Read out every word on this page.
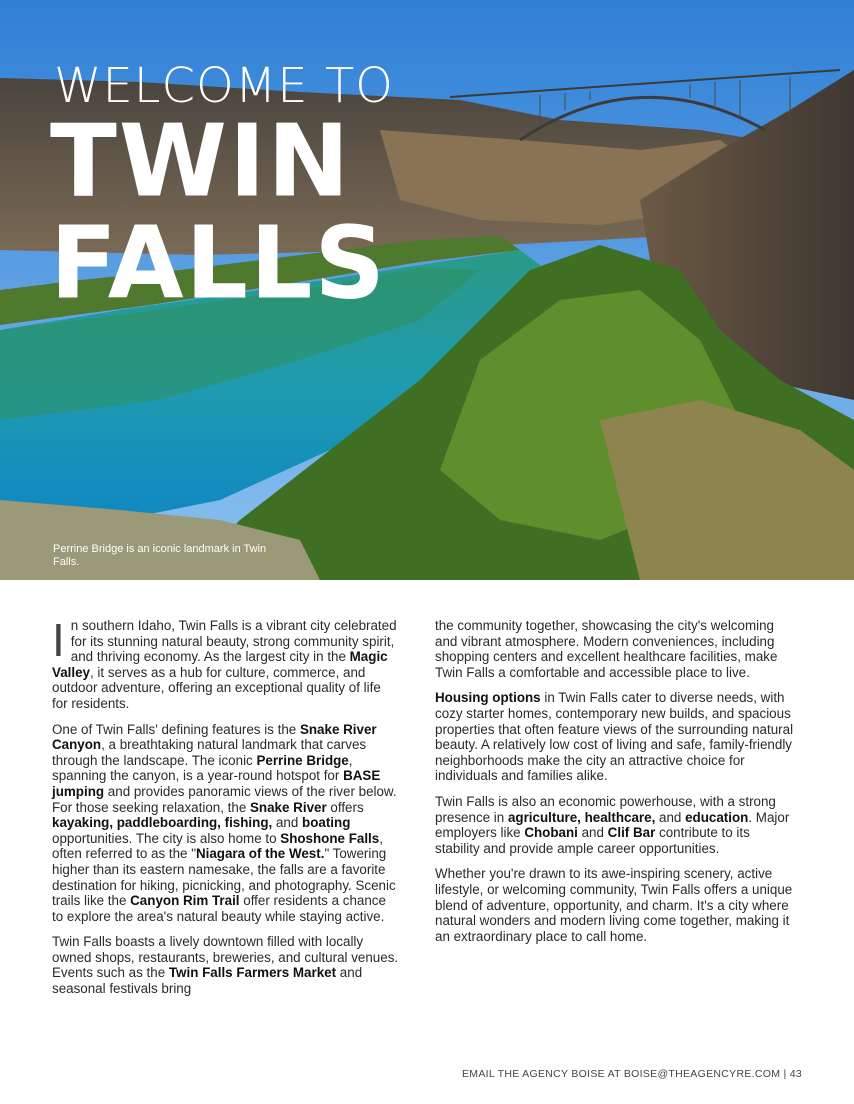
WELCOME TO
TWIN
FALLS
Perrine Bridge is an iconic landmark in Twin Falls.

In southern Idaho, Twin Falls is a vibrant city celebrated for its stunning natural beauty, strong community spirit, and thriving economy. As the largest city in the Magic Valley, it serves as a hub for culture, commerce, and outdoor adventure, offering an exceptional quality of life for residents.

One of Twin Falls' defining features is the Snake River Canyon, a breathtaking natural landmark that carves through the landscape. The iconic Perrine Bridge, spanning the canyon, is a year-round hotspot for BASE jumping and provides panoramic views of the river below. For those seeking relaxation, the Snake River offers kayaking, paddleboarding, fishing, and boating opportunities. The city is also home to Shoshone Falls, often referred to as the "Niagara of the West." Towering higher than its eastern namesake, the falls are a favorite destination for hiking, picnicking, and photography. Scenic trails like the Canyon Rim Trail offer residents a chance to explore the area's natural beauty while staying active.

Twin Falls boasts a lively downtown filled with locally owned shops, restaurants, breweries, and cultural venues. Events such as the Twin Falls Farmers Market and seasonal festivals bring

the community together, showcasing the city's welcoming and vibrant atmosphere. Modern conveniences, including shopping centers and excellent healthcare facilities, make Twin Falls a comfortable and accessible place to live.

Housing options in Twin Falls cater to diverse needs, with cozy starter homes, contemporary new builds, and spacious properties that often feature views of the surrounding natural beauty. A relatively low cost of living and safe, family-friendly neighborhoods make the city an attractive choice for individuals and families alike.

Twin Falls is also an economic powerhouse, with a strong presence in agriculture, healthcare, and education. Major employers like Chobani and Clif Bar contribute to its stability and provide ample career opportunities.

Whether you're drawn to its awe-inspiring scenery, active lifestyle, or welcoming community, Twin Falls offers a unique blend of adventure, opportunity, and charm. It's a city where natural wonders and modern living come together, making it an extraordinary place to call home.

EMAIL THE AGENCY BOISE AT BOISE@THEAGENCYRE.COM | 43
